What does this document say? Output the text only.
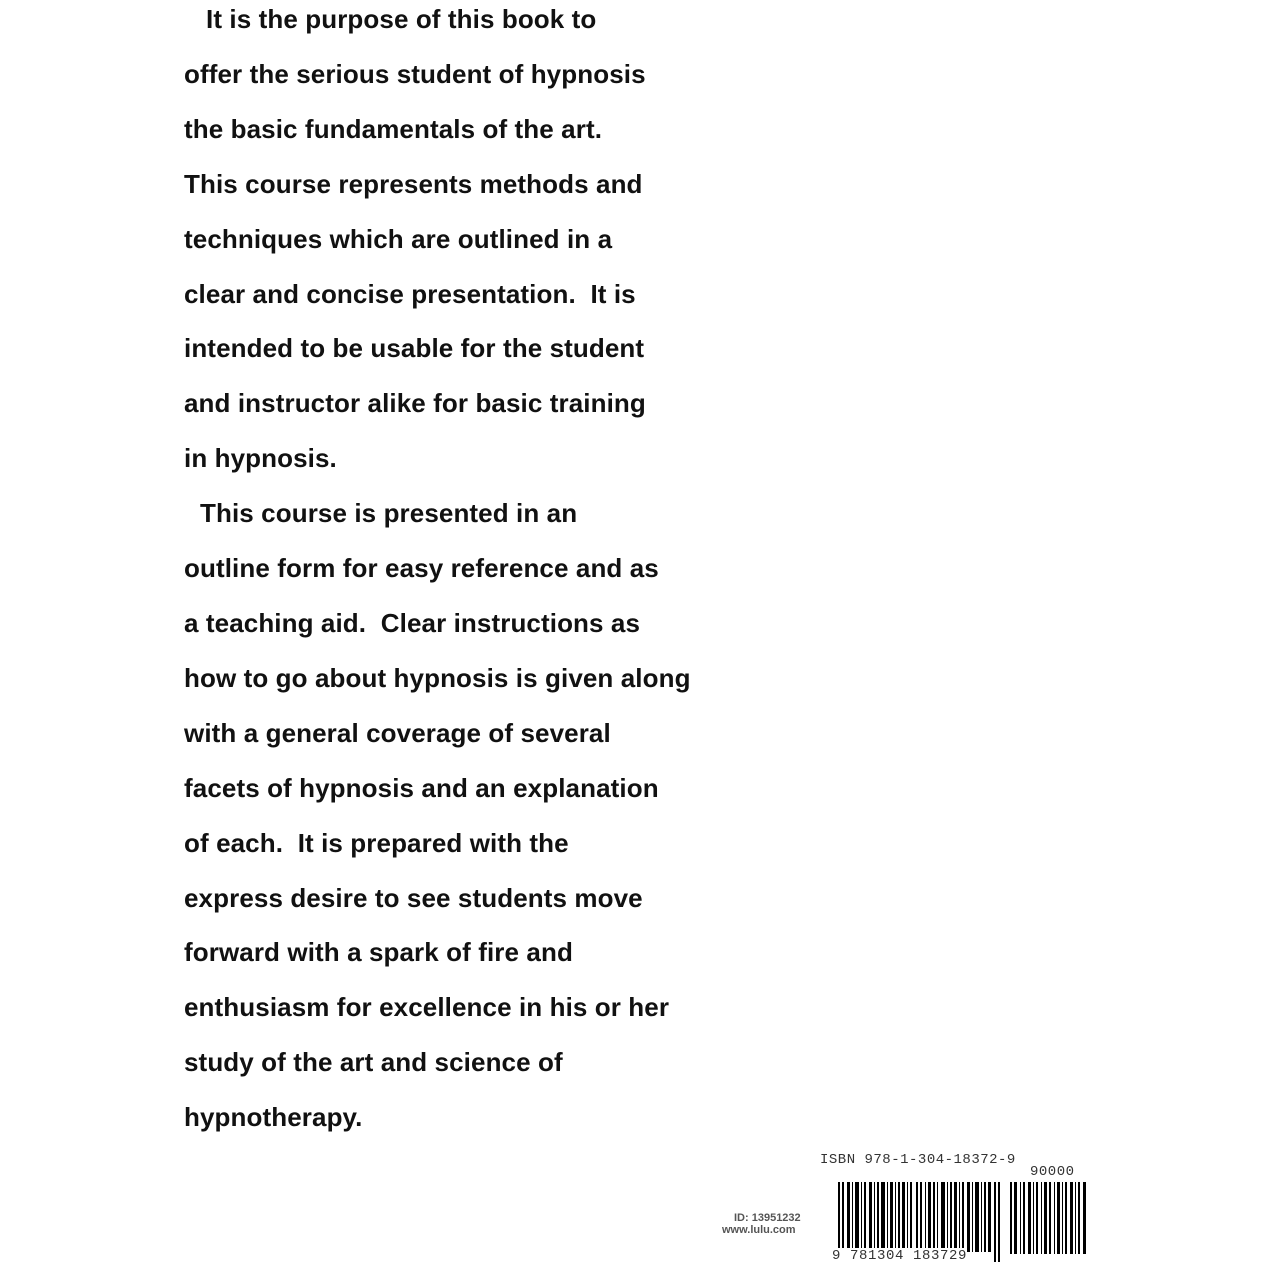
It is the purpose of this book to
offer the serious student of hypnosis
the basic fundamentals of the art.
This course represents methods and
techniques which are outlined in a
clear and concise presentation.  It is
intended to be usable for the student
and instructor alike for basic training
in hypnosis.
This course is presented in an
outline form for easy reference and as
a teaching aid.  Clear instructions as
how to go about hypnosis is given along
with a general coverage of several
facets of hypnosis and an explanation
of each.  It is prepared with the
express desire to see students move
forward with a spark of fire and
enthusiasm for excellence in his or her
study of the art and science of
hypnotherapy.
ISBN 978-1-304-18372-9
90000
ID: 13951232
www.lulu.com
9 781304 183729
